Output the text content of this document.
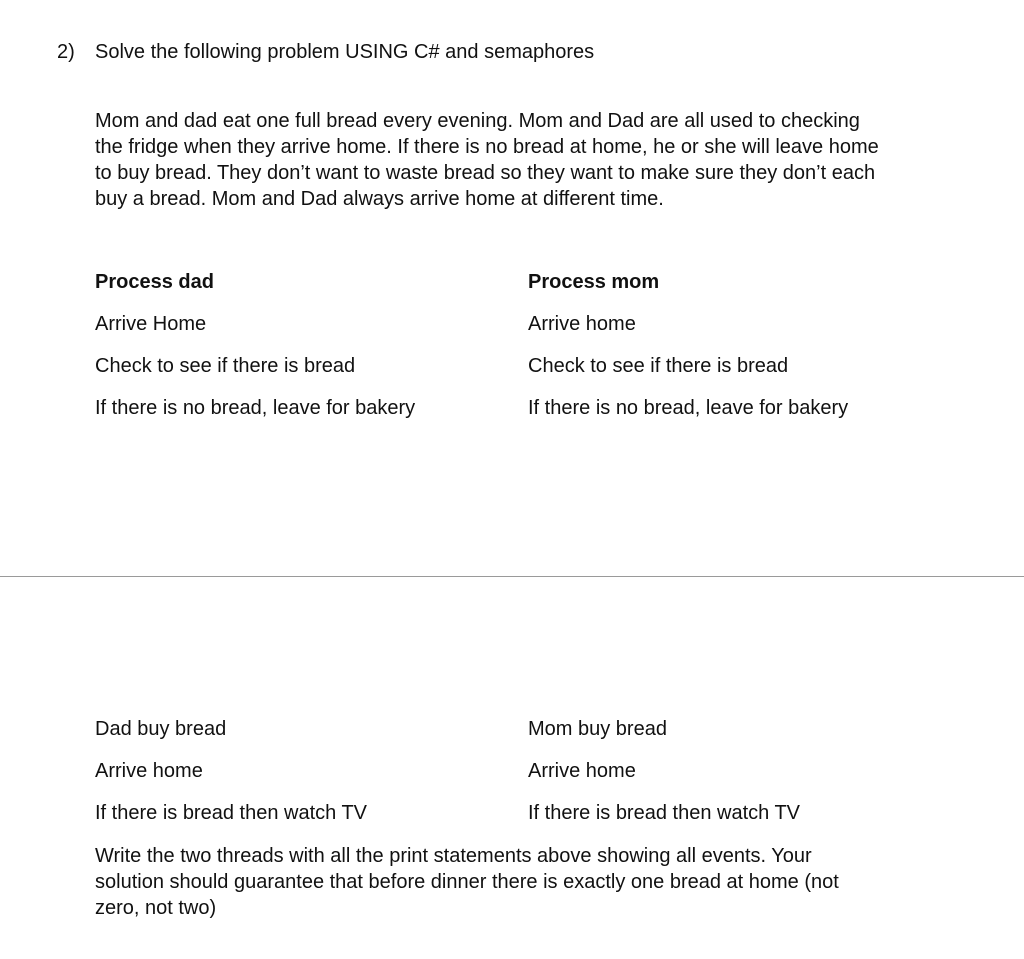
2) Solve the following problem USING C# and semaphores
Mom and dad eat one full bread every evening. Mom and Dad are all used to checking
the fridge when they arrive home. If there is no bread at home, he or she will leave home
to buy bread. They don’t want to waste bread so they want to make sure they don’t each
buy a bread. Mom and Dad always arrive home at different time.
Process dad
Arrive Home
Check to see if there is bread
If there is no bread, leave for bakery
Process mom
Arrive home
Check to see if there is bread
If there is no bread, leave for bakery
Dad buy bread
Arrive home
If there is bread then watch TV
Mom buy bread
Arrive home
If there is bread then watch TV
Write the two threads with all the print statements above showing all events. Your
solution should guarantee that before dinner there is exactly one bread at home (not
zero, not two)
